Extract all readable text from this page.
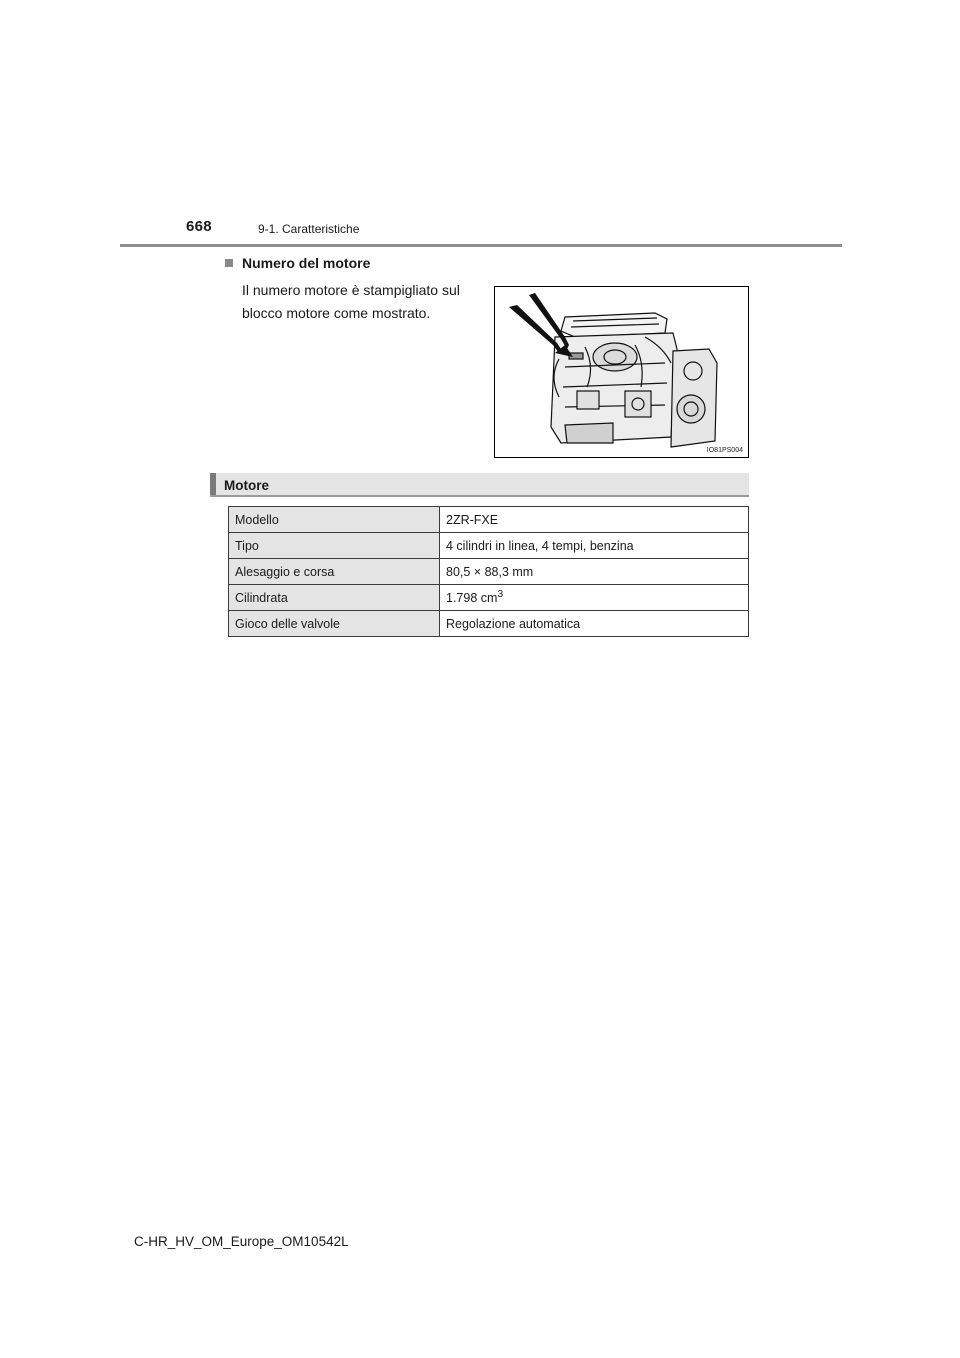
668	9-1. Caratteristiche
Numero del motore
Il numero motore è stampigliato sul blocco motore come mostrato.
IO81PS004
Motore
Modello	2ZR-FXE
Tipo	4 cilindri in linea, 4 tempi, benzina
Alesaggio e corsa	80,5 × 88,3 mm
Cilindrata	1.798 $cm^3$
Gioco delle valvole	Regolazione automatica
C-HR_HV_OM_Europe_OM10542L
